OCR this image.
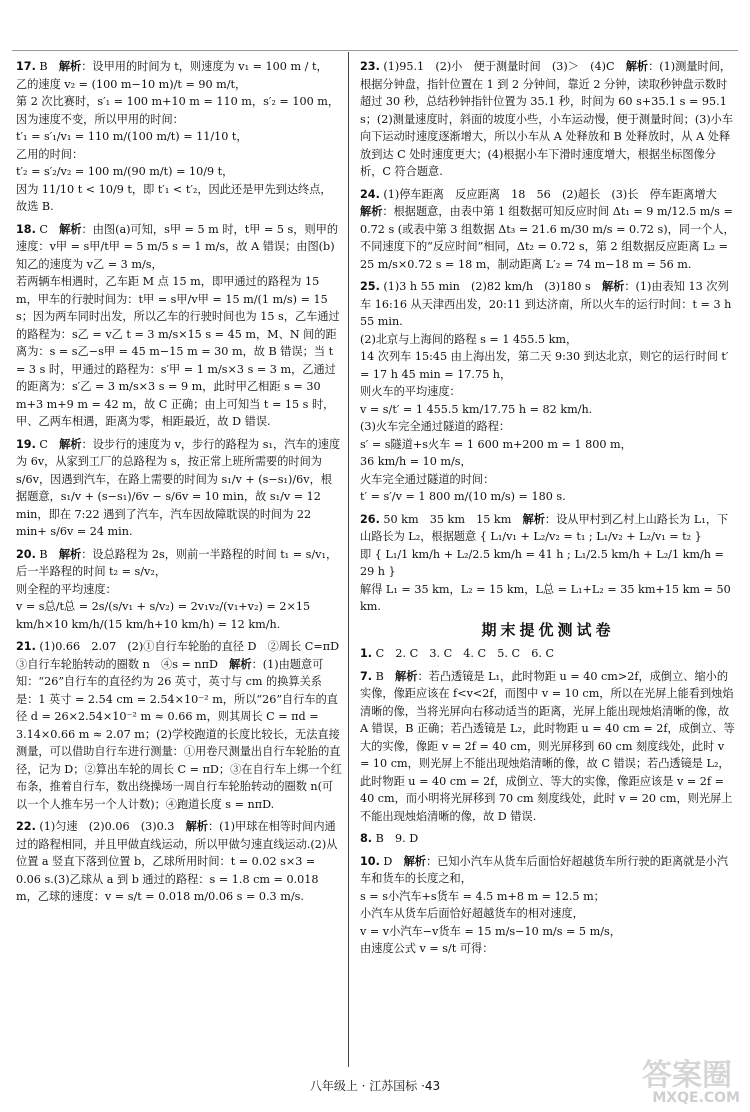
17. B　 解析：设甲用的时间为 t，则速度为 v₁ = 100 m / t，

乙的速度 v₂ = (100 m−10 m)/t = 90 m/t，

第 2 次比赛时，s′₁ = 100 m+10 m = 110 m，s′₂ = 100 m，

因为速度不变，所以甲用的时间：

t′₁ = s′₁/v₁ = 110 m/(100 m/t) = 11/10 t，

乙用的时间：

t′₂ = s′₂/v₂ = 100 m/(90 m/t) = 10/9 t，

因为 11/10 t < 10/9 t，即 t′₁ < t′₂，因此还是甲先到达终点，故选 B.

18. C　 解析：由图(a)可知，s甲 = 5 m 时，t甲 = 5 s，则甲的速度：v甲 = s甲/t甲 = 5 m/5 s = 1 m/s，故 A 错误；由图(b)知乙的速度为 v乙 = 3 m/s，

若两辆车相遇时，乙车距 M 点 15 m，即甲通过的路程为 15 m，甲车的行驶时间为：t甲 = s甲/v甲 = 15 m/(1 m/s) = 15 s；因为两车同时出发，所以乙车的行驶时间也为 15 s，乙车通过的路程为：s乙 = v乙 t = 3 m/s×15 s = 45 m，M、N 间的距离为：s = s乙−s甲 = 45 m−15 m = 30 m，故 B 错误；当 t = 3 s 时，甲通过的路程为：s′甲 = 1 m/s×3 s = 3 m，乙通过的距离为：s′乙 = 3 m/s×3 s = 9 m，此时甲乙相距 s = 30 m+3 m+9 m = 42 m，故 C 正确；由上可知当 t = 15 s 时，甲、乙两车相遇，距离为零，相距最近，故 D 错误.

19. C　 解析：设步行的速度为 v，步行的路程为 s₁，汽车的速度为 6v，从家到工厂的总路程为 s，按正常上班所需要的时间为 s/6v，因遇到汽车，在路上需要的时间为 s₁/v + (s−s₁)/6v，根据题意，s₁/v + (s−s₁)/6v − s/6v = 10 min，故 s₁/v = 12 min，即在 7:22 遇到了汽车，汽车因故障耽误的时间为 22 min+ s/6v = 24 min.

20. B　 解析：设总路程为 2s，则前一半路程的时间 t₁ = s/v₁，后一半路程的时间 t₂ = s/v₂，

则全程的平均速度：

v = s总/t总 = 2s/(s/v₁ + s/v₂) = 2v₁v₂/(v₁+v₂) = 2×15 km/h×10 km/h/(15 km/h+10 km/h) = 12 km/h.

21. (1)0.66　2.07　(2)①自行车轮胎的直径 D　②周长 C=πD　③自行车轮胎转动的圈数 n　④s = nπD　 解析：(1)由题意可知：“26”自行车的直径约为 26 英寸，英寸与 cm 的换算关系是：1 英寸 = 2.54 cm = 2.54×10⁻² m，所以“26”自行车的直径 d = 26×2.54×10⁻² m ≈ 0.66 m，则其周长 C = πd = 3.14×0.66 m ≈ 2.07 m；(2)学校跑道的长度比较长，无法直接测量，可以借助自行车进行测量：①用卷尺测量出自行车轮胎的直径，记为 D；②算出车轮的周长 C = πD；③在自行车上绑一个红布条，推着自行车，数出绕操场一周自行车轮胎转动的圈数 n(可以一个人推车另一个人计数)；④跑道长度 s = nπD.

22. (1)匀速　(2)0.06　(3)0.3　 解析：(1)甲球在相等时间内通过的路程相同，并且甲做直线运动，所以甲做匀速直线运动.(2)从位置 a 竖直下落到位置 b，乙球所用时间：t = 0.02 s×3 = 0.06 s.(3)乙球从 a 到 b 通过的路程：s = 1.8 cm = 0.018 m，乙球的速度：v = s/t = 0.018 m/0.06 s = 0.3 m/s.

23. (1)95.1　(2)小　便于测量时间　(3)＞　(4)C　 解析：(1)测量时间，根据分钟盘，指针位置在 1 到 2 分钟间，靠近 2 分钟，读取秒钟盘示数时超过 30 秒，总结秒钟指针位置为 35.1 秒，时间为 60 s+35.1 s = 95.1 s；(2)测量速度时，斜面的坡度小些，小车运动慢，便于测量时间；(3)小车向下运动时速度逐渐增大，所以小车从 A 处释放和 B 处释放时，从 A 处释放到达 C 处时速度更大；(4)根据小车下滑时速度增大，根据坐标图像分析，C 符合题意.

24. (1)停车距离　反应距离　18　56　(2)超长　(3)长　停车距离增大　解析：根据题意，由表中第 1 组数据可知反应时间 Δt₁ = 9 m/12.5 m/s = 0.72 s (或表中第 3 组数据 Δt₃ = 21.6 m/30 m/s = 0.72 s)，同一个人，不同速度下的“反应时间”相同，Δt₂ = 0.72 s，第 2 组数据反应距离 L₂ = 25 m/s×0.72 s = 18 m，制动距离 L′₂ = 74 m−18 m = 56 m.

25. (1)3 h 55 min　(2)82 km/h　(3)180 s　 解析：(1)由表知 13 次列车 16:16 从天津西出发，20:11 到达济南，所以火车的运行时间：t = 3 h 55 min.

(2)北京与上海间的路程 s = 1 455.5 km，

14 次列车 15:45 由上海出发，第二天 9:30 到达北京，则它的运行时间 t′ = 17 h 45 min = 17.75 h，

则火车的平均速度：

v = s/t′ = 1 455.5 km/17.75 h = 82 km/h.

(3)火车完全通过隧道的路程：

s′ = s隧道+s火车 = 1 600 m+200 m = 1 800 m，

36 km/h = 10 m/s，

火车完全通过隧道的时间：

t′ = s′/v = 1 800 m/(10 m/s) = 180 s.

26. 50 km　35 km　15 km　 解析：设从甲村到乙村上山路长为 L₁，下山路长为 L₂，根据题意 { L₁/v₁ + L₂/v₂ = t₁ ; L₁/v₂ + L₂/v₁ = t₂ }

即 { L₁/1 km/h + L₂/2.5 km/h = 41 h ; L₁/2.5 km/h + L₂/1 km/h = 29 h }

解得 L₁ = 35 km，L₂ = 15 km，L总 = L₁+L₂ = 35 km+15 km = 50 km.

期末提优测试卷

1. C　2. C　3. C　4. C　5. C　6. C

7. B　 解析：若凸透镜是 L₁，此时物距 u = 40 cm>2f，成倒立、缩小的实像，像距应该在 f<v<2f，而图中 v = 10 cm，所以在光屏上能看到烛焰清晰的像，当将光屏向右移动适当的距离，光屏上能出现烛焰清晰的像，故 A 错误，B 正确；若凸透镜是 L₂，此时物距 u = 40 cm = 2f，成倒立、等大的实像，像距 v = 2f = 40 cm，则光屏移到 60 cm 刻度线处，此时 v = 10 cm，则光屏上不能出现烛焰清晰的像，故 C 错误；若凸透镜是 L₂，此时物距 u = 40 cm = 2f，成倒立、等大的实像，像距应该是 v = 2f = 40 cm，而小明将光屏移到 70 cm 刻度线处，此时 v = 20 cm，则光屏上不能出现烛焰清晰的像，故 D 错误.

8. B　9. D

10. D　 解析：已知小汽车从货车后面恰好超越货车所行驶的距离就是小汽车和货车的长度之和，

s = s小汽车+s货车 = 4.5 m+8 m = 12.5 m；

小汽车从货车后面恰好超越货车的相对速度，

v = v小汽车−v货车 = 15 m/s−10 m/s = 5 m/s，

由速度公式 v = s/t 可得：

八年级上 · 江苏国标 ·43	答案圈
MXQE.COM
